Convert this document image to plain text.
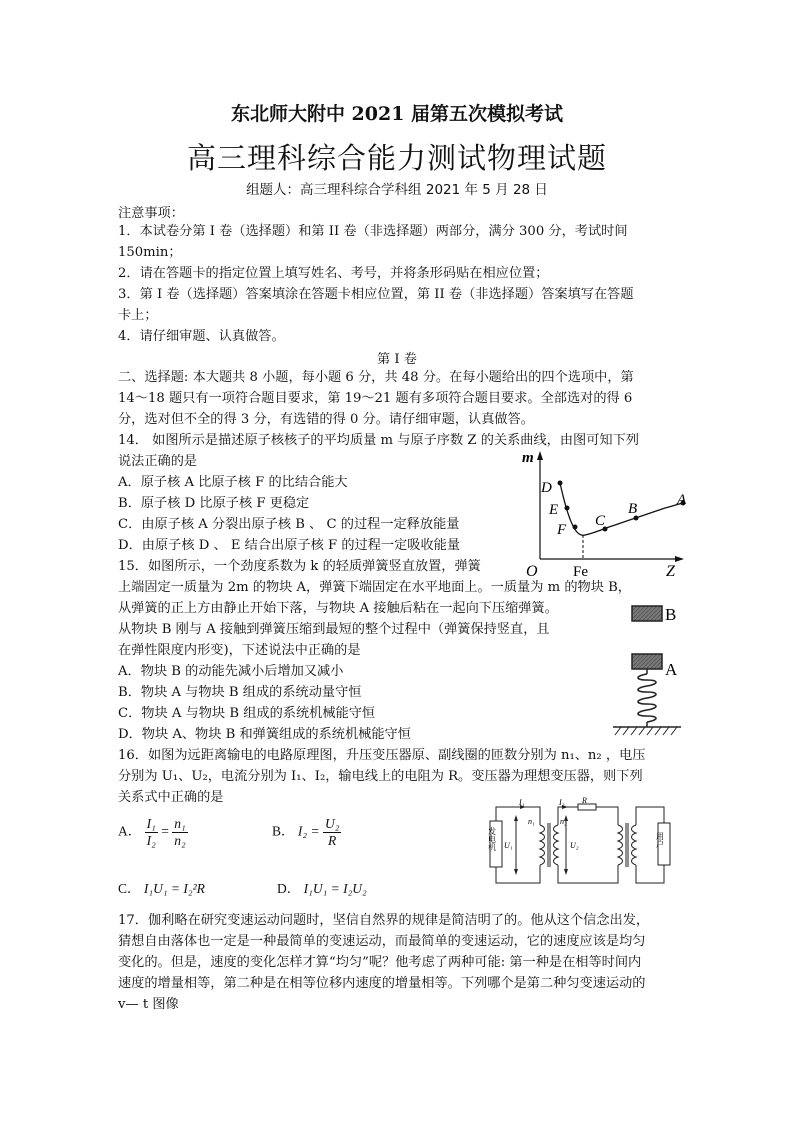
东北师大附中 2021 届第五次模拟考试
高三理科综合能力测试物理试题
组题人：高三理科综合学科组 2021 年 5 月 28 日
注意事项：
1．本试卷分第 I 卷（选择题）和第 II 卷（非选择题）两部分，满分 300 分，考试时间
150min；
2．请在答题卡的指定位置上填写姓名、考号，并将条形码贴在相应位置；
3．第 I 卷（选择题）答案填涂在答题卡相应位置，第 II 卷（非选择题）答案填写在答题
卡上；
4．请仔细审题、认真做答。
第 I 卷
二、选择题: 本大题共 8 小题，每小题 6 分，共 48 分。在每小题给出的四个选项中，第
14～18 题只有一项符合题目要求，第 19～21 题有多项符合题目要求。全部选对的得 6
分，选对但不全的得 3 分，有选错的得 0 分。请仔细审题，认真做答。
14． 如图所示是描述原子核核子的平均质量 m 与原子序数 Z 的关系曲线，由图可知下列
说法正确的是
A．原子核 A 比原子核 F 的比结合能大
B．原子核 D 比原子核 F 更稳定
C．由原子核 A 分裂出原子核 B 、 C 的过程一定释放能量
D．由原子核 D 、 E 结合出原子核 F 的过程一定吸收能量
m
Z
O Fe
D
E
F
C
B
A
15．如图所示，一个劲度系数为 k 的轻质弹簧竖直放置，弹簧
上端固定一质量为 2m 的物块 A，弹簧下端固定在水平地面上。一质量为 m 的物块 B，
从弹簧的正上方由静止开始下落，与物块 A 接触后粘在一起向下压缩弹簧。
从物块 B 刚与 A 接触到弹簧压缩到最短的整个过程中（弹簧保持竖直，且
在弹性限度内形变)，下述说法中正确的是
A．物块 B 的动能先减小后增加又减小
B．物块 A 与物块 B 组成的系统动量守恒
C．物块 A 与物块 B 组成的系统机械能守恒
D．物块 A、物块 B 和弹簧组成的系统机械能守恒
B
A
16．如图为远距离输电的电路原理图，升压变压器原、副线圈的匝数分别为 n₁、n₂ ，电压
分别为 U₁、U₂，电流分别为 I₁、I₂，输电线上的电阻为 R。变压器为理想变压器，则下列
关系式中正确的是
A． $\frac{\text{I₁}}{\text{I₂}} = \frac{\text{n₁}}{\text{n₂}}$	B． $I_2 = \frac{\text{U₂}}{R}$
C． I₁U₁ = I₂²R	D． I₁U₁ = I₂U₂
发电机	用户
I₁	I₂ R
n₁	n₂
U₁	U₂
17．伽利略在研究变速运动问题时，坚信自然界的规律是简洁明了的。他从这个信念出发，
猜想自由落体也一定是一种最简单的变速运动，而最简单的变速运动，它的速度应该是均匀
变化的。但是，速度的变化怎样才算“均匀”呢？他考虑了两种可能: 第一种是在相等时间内
速度的增量相等，第二种是在相等位移内速度的增量相等。下列哪个是第二种匀变速运动的
v— t 图像
